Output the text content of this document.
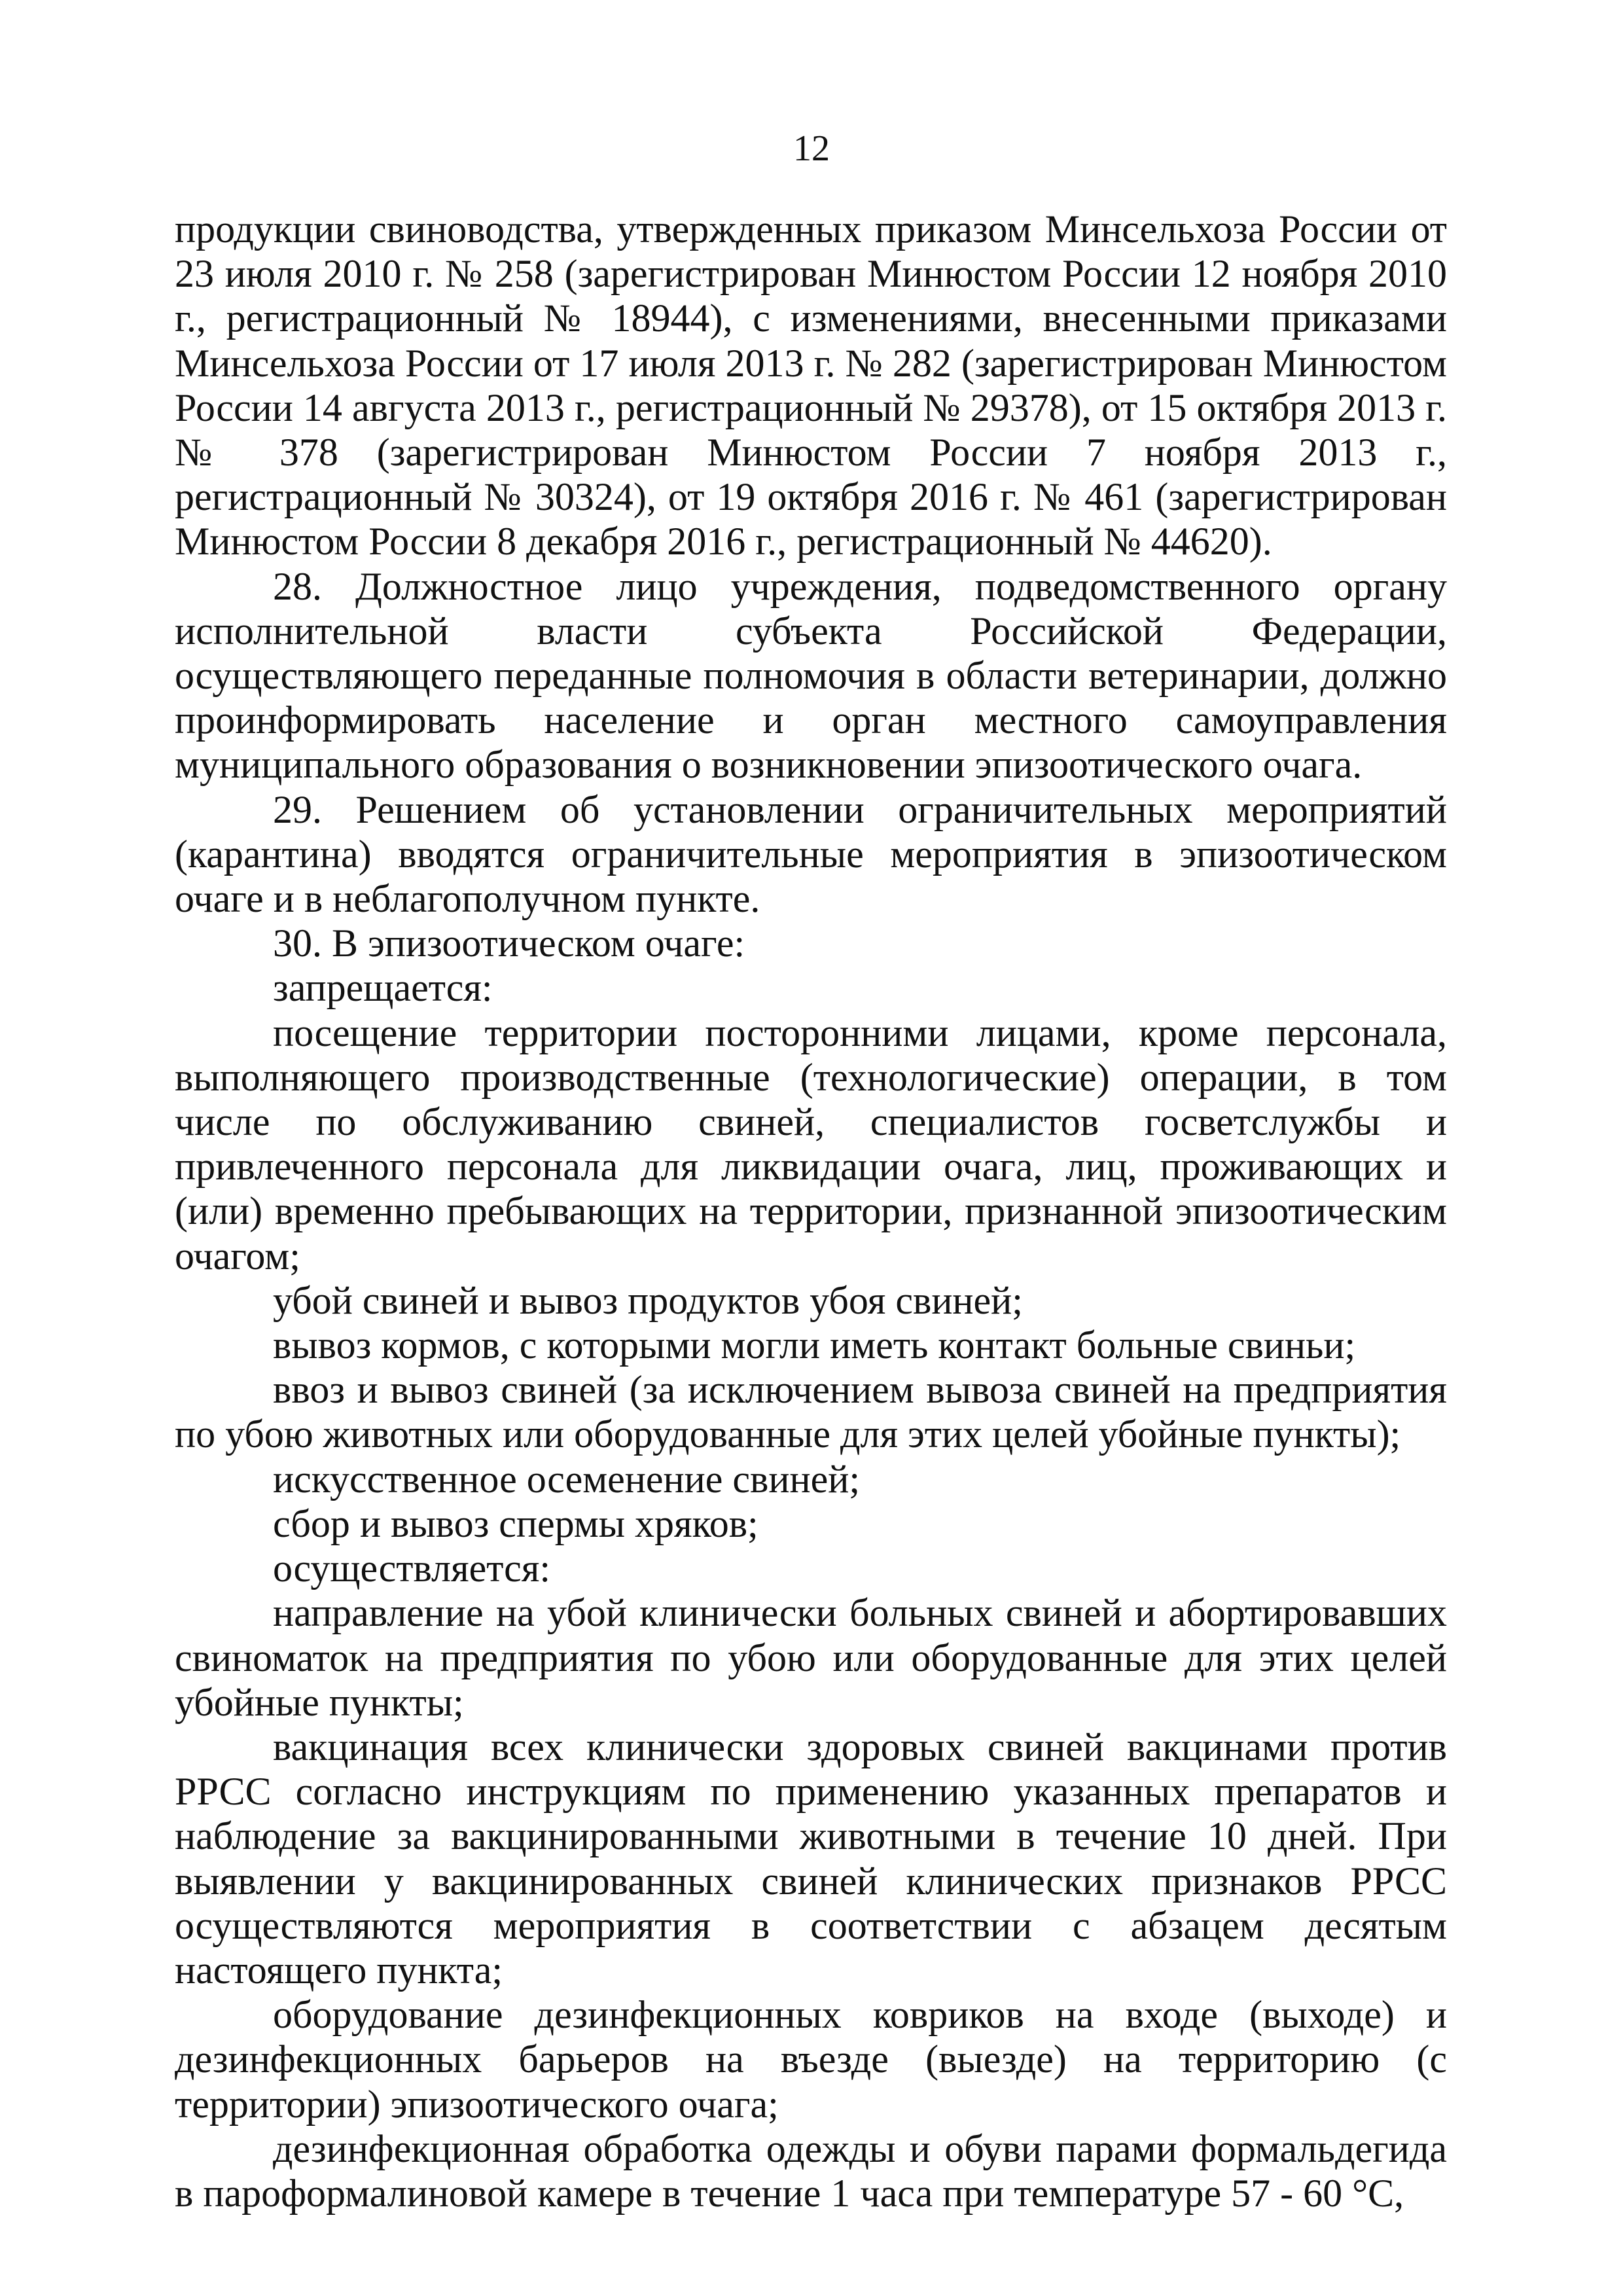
12

продукции свиноводства, утвержденных приказом Минсельхоза России от 23 июля 2010 г. № 258 (зарегистрирован Минюстом России 12 ноября 2010 г., регистрационный № 18944), с изменениями, внесенными приказами Минсельхоза России от 17 июля 2013 г. № 282 (зарегистрирован Минюстом России 14 августа 2013 г., регистрационный № 29378), от 15 октября 2013 г. № 378 (зарегистрирован Минюстом России 7 ноября 2013 г., регистрационный № 30324), от 19 октября 2016 г. № 461 (зарегистрирован Минюстом России 8 декабря 2016 г., регистрационный № 44620).

28. Должностное лицо учреждения, подведомственного органу исполнительной власти субъекта Российской Федерации, осуществляющего переданные полномочия в области ветеринарии, должно проинформировать население и орган местного самоуправления муниципального образования о возникновении эпизоотического очага.

29. Решением об установлении ограничительных мероприятий (карантина) вводятся ограничительные мероприятия в эпизоотическом очаге и в неблагополучном пункте.

30. В эпизоотическом очаге:

запрещается:

посещение территории посторонними лицами, кроме персонала, выполняющего производственные (технологические) операции, в том числе по обслуживанию свиней, специалистов госветслужбы и привлеченного персонала для ликвидации очага, лиц, проживающих и (или) временно пребывающих на территории, признанной эпизоотическим очагом;

убой свиней и вывоз продуктов убоя свиней;

вывоз кормов, с которыми могли иметь контакт больные свиньи;

ввоз и вывоз свиней (за исключением вывоза свиней на предприятия по убою животных или оборудованные для этих целей убойные пункты);

искусственное осеменение свиней;

сбор и вывоз спермы хряков;

осуществляется:

направление на убой клинически больных свиней и абортировавших свиноматок на предприятия по убою или оборудованные для этих целей убойные пункты;

вакцинация всех клинически здоровых свиней вакцинами против РРСС согласно инструкциям по применению указанных препаратов и наблюдение за вакцинированными животными в течение 10 дней. При выявлении у вакцинированных свиней клинических признаков РРСС осуществляются мероприятия в соответствии с абзацем десятым настоящего пункта;

оборудование дезинфекционных ковриков на входе (выходе) и дезинфекционных барьеров на въезде (выезде) на территорию (с территории) эпизоотического очага;

дезинфекционная обработка одежды и обуви парами формальдегида в пароформалиновой камере в течение 1 часа при температуре 57 - 60 °С,
